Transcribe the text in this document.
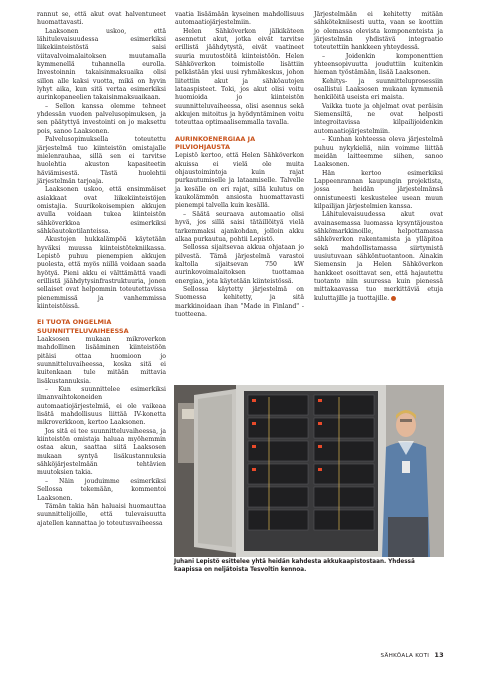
rannut se, että akut ovat halventuneet huomattavasti.

Laaksonen uskoo, että lähitulevaisuudessa esimerkiksi liikekiinteistöstä saisi viitavalvoimalaitoksen muutamalla kymmenellä tuhannella eurolla. Investoinnin takaisinmaksuaika olisi sillon alle kaksi vuotta, mikä on hyvin lyhyt aika, kun sitä vertaa esimerkiksi aurinkopaneelien takaisinmaksuaikaan.

– Sellon kanssa olemme tehneet yhdessän vuoden palvelusopimuksen, ja sen päätyttyä investointi on jo maksettu pois, sanoo Laaksonen.

Palvelusopimuksella toteutettu järjestelmä tuo kiinteistön omistajalle mielenrauhaa, sillä sen ei tarvitse huolehtia akuston kapasiteetin häviämisestä. Tästä huolehtii järjestelmän tarjoaja.

Laaksonen uskoo, että ensimmäiset asiakkaat ovat liikekiinteistöjen omistajia. Suurikokoisempien akkujen avulla voidaan tukea kiinteistön sähköverkkoa esimerkiksi sähköautokotilanteissa.

Akustojen hukkalämpöä käytetään hyväksi muussa kiinteistötekniikassa. Lepistö puhuu pienempien akkujen puolesta, että myös niillä voidaan saada hyötyä. Pieni akku ei välttämättä vaadi erillistä jäähdytysinfrastruktuuria, jonen sellaiset ovat helpommin toteutettavissa pienemmissä ja vanhemmissa kiinteistöissä.

EI TUOTA ONGELMIA SUUNNITTELUVAIHEESSA

Laaksosen mukaan mikroverkon mahdollinen lisääminen kiinteistöön pitäisi ottaa huomioon jo suunnitteluvaiheessa, koska sitä ei kuitenkaan tule mitään mittavia lisäkustannuksia.

– Kun suunnittelee esimerkiksi ilmanvaihtokoneiden automaatiojärjestelmiä, ei ole vaikeaa lisätä mahdollisuus liittää IV-konetta mikroverkkoon, kertoo Laaksonen.

Jos sitä ei tee suunnitteluvaiheessa, ja kiinteistön omistaja haluaa myöhemmin ostaa akun, saattaa siitä Laaksosen mukaan syntyä lisäkustannuksia sähköjärjestelmään tehtävien muutoksien takia.

– Näin jouduimme esimerkiksi Sellossa tekemään, kommentoi Laaksonen.

Tämän takia hän haluaisi huomauttaa suunnittelijoille, että tulevaisuutta ajatellen kannattaa jo toteutusvaiheessa

vaatia lisäämään kyseinen mahdollisuus automaatiojärjestelmiin.

Helen Sähköverkon jälkikäteen asennetut akut, jotka eivät tarvitse erillistä jäähdytystä, eivät vaatineet suuria muutostöitä kiinteistöön. Helen Sähköverkon toimistolle lisättiin pelkästään yksi uusi ryhmäkeskus, johon liitettiin akut ja sähköautojen lataaspisteet. Toki, jos akut olisi voitu huomioida jo kiinteistön suunnitteluvaiheessa, olisi asennus sekä akkujen mitoitus ja hyödyntäminen voitu toteuttaa optimaalisemmalla tavalla.

AURINKOENERGIAA JA PILVIOHJAUSTA

Lepistö kertoo, että Helen Sähköverkon akuissa ei vielä ole muita ohjaustoimintoja kuin rajat purkautumiselle ja lataamiselle. Talvelle ja kesälle on eri rajat, sillä kulutus on kaukolämmön ansiosta huomattavasti pienempi talvella kuin kesällä.

– Säätä seuraava automaatio olisi hyvä, jos sillä saisi tätäillöityä vielä tarkemmaksi ajankohdan, jolloin akku alkaa purkautua, pohtii Lepistö.

Sellossa sijaitsevaa akkua ohjataan jo pilvestä. Tämä järjestelmä varastoi kaltolla sijaitsevan 750 kW aurinkovoimalaitoksen tuottamaa energiaa, jota käytetään kiinteistössä.

Sellossa käytetty järjestelmä on Suomessa kehitetty, ja sitä markkinoidaan ihan "Made in Finland" -tuotteena.

Järjestelmään ei kehitetty mitään sähkötekniisesti uutta, vaan se koottiin jo olemassa olevista komponenteista ja järjestelmän yhdistävä integraatio toteutettiin hankkeen yhteydessä.

– Joidenkin komponenttien yhteensopivuutta jouduttiin kuitenkin hieman työstämään, lisää Laaksonen.

Kehitys- ja suunnitteluprosessiin osallistui Laaksosen mukaan kymmeniä henkilöitä useista eri maista.

Vaikka tuote ja ohjelmat ovat peräisin Siemensiltä, ne ovat helposti integroitavissa kilpailijoidenkin automaatiojärjestelmiin.

– Kunhan kohteessa oleva järjestelmä puhuu nykykieliä, niin voimme liittää meidän laitteemme siihen, sanoo Laaksonen.

Hän kertoo esimerkiksi Lappeenrannan kaupungin projektista, jossa heidän järjestelmänsä onnistuneesti keskustelee usean muun kilpailijan järjestelmien kanssa.

Lähitulevaisuudessa akut ovat avainasemassa luomassa kysyntäjoustoa sähkömarkkinoille, helpottamassa sähköverkon rakentamista ja ylläpitoa sekä mahdollistamassa siirtymistä uusiutuvaan sähköntuotantoon. Ainakin Siemensin ja Helen Sähköverkon hankkeet osoittavat sen, että hajautettu tuotanto niin suuressa kuin pienessä mittakaavassa tuo merkittäviä etuja kuluttajille ja tuottajille.

Juhani Lepistö esittelee yhtä heidän kahdesta akkukaapistostaan. Yhdessä kaapissa on neljätoista Tesvoltin kennoa.
SÄHKÖALA KOTI 13
